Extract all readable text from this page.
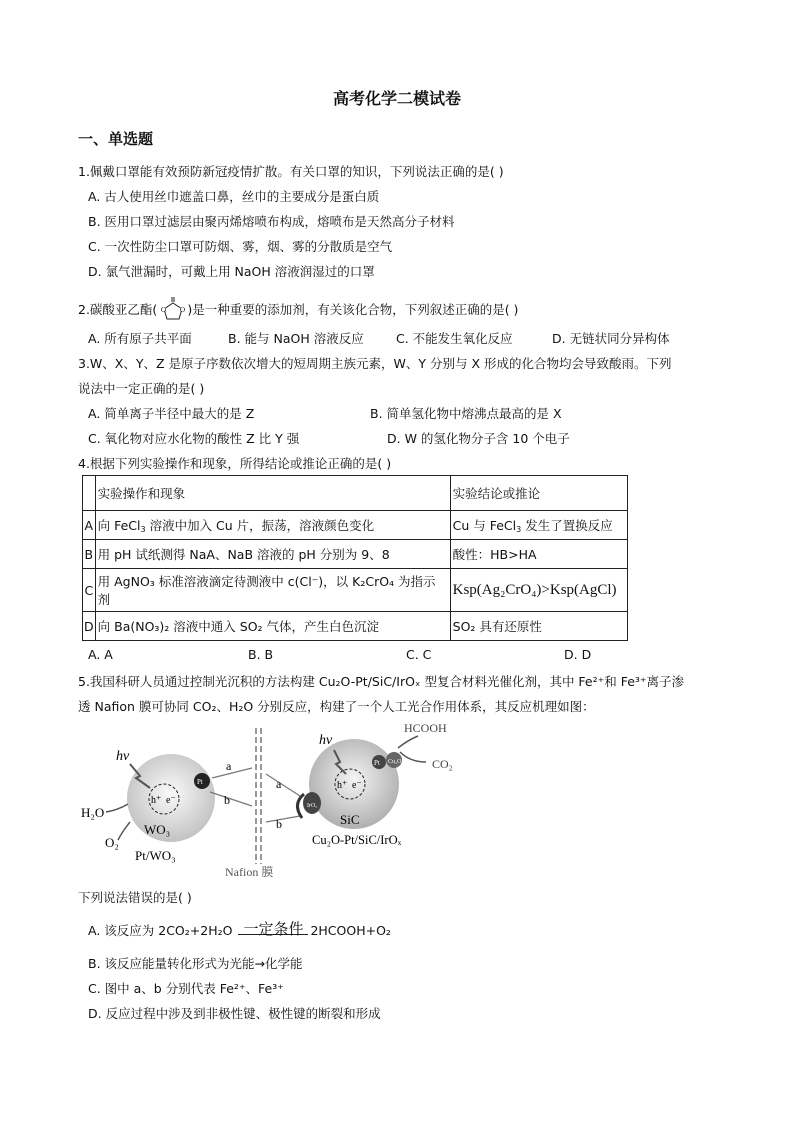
高考化学二模试卷
一、单选题
1.佩戴口罩能有效预防新冠疫情扩散。有关口罩的知识，下列说法正确的是( )
A. 古人使用丝巾遮盖口鼻，丝巾的主要成分是蛋白质
B. 医用口罩过滤层由聚丙烯熔喷布构成，熔喷布是天然高分子材料
C. 一次性防尘口罩可防烟、雾，烟、雾的分散质是空气
D. 氯气泄漏时，可戴上用 NaOH 溶液润湿过的口罩
2.碳酸亚乙酯( O O )是一种重要的添加剂，有关该化合物，下列叙述正确的是( )
A. 所有原子共平面	B. 能与 NaOH 溶液反应	C. 不能发生氧化反应	D. 无链状同分异构体
3.W、X、Y、Z 是原子序数依次增大的短周期主族元素，W、Y 分别与 X 形成的化合物均会导致酸雨。下列
说法中一定正确的是( )
A. 简单离子半径中最大的是 Z	B. 简单氢化物中熔沸点最高的是 X
C. 氧化物对应水化物的酸性 Z 比 Y 强	D. W 的氢化物分子含 10 个电子
4.根据下列实验操作和现象，所得结论或推论正确的是( )
	实验操作和现象	实验结论或推论
A	向 FeCl$_3$ 溶液中加入 Cu 片，振荡，溶液颜色变化	Cu 与 FeCl$_3$ 发生了置换反应
B	用 pH 试纸测得 NaA、NaB 溶液的 pH 分别为 9、8	酸性：HB>HA
C	用 AgNO₃ 标准溶液滴定待测液中 c(Cl⁻)，以 K₂CrO₄ 为指示剂	Ksp(Ag₂CrO₄)>Ksp(AgCl)
D	向 Ba(NO₃)₂ 溶液中通入 SO₂ 气体，产生白色沉淀	SO₂ 具有还原性
A. A	B. B	C. C	D. D
5.我国科研人员通过控制光沉积的方法构建 Cu₂O-Pt/SiC/IrOₓ 型复合材料光催化剂，其中 Fe²⁺和 Fe³⁺离子渗
透 Nafion 膜可协同 CO₂、H₂O 分别反应，构建了一个人工光合作用体系，其反应机理如图：
h⁺ e⁻
h⁺ e⁻
hv
hv
Pt
Pt Cu₂O
IrOₓ
WO₃
Pt/WO₃
H₂O
O₂
Nafion 膜
a
b
a
b
HCOOH
CO₂
SiC
Cu₂O-Pt/SiC/IrOₓ
下列说法错误的是( )
A. 该反应为 2CO₂+2H₂O 一定条件 2HCOOH+O₂
B. 该反应能量转化形式为光能→化学能
C. 图中 a、b 分别代表 Fe²⁺、Fe³⁺
D. 反应过程中涉及到非极性键、极性键的断裂和形成
